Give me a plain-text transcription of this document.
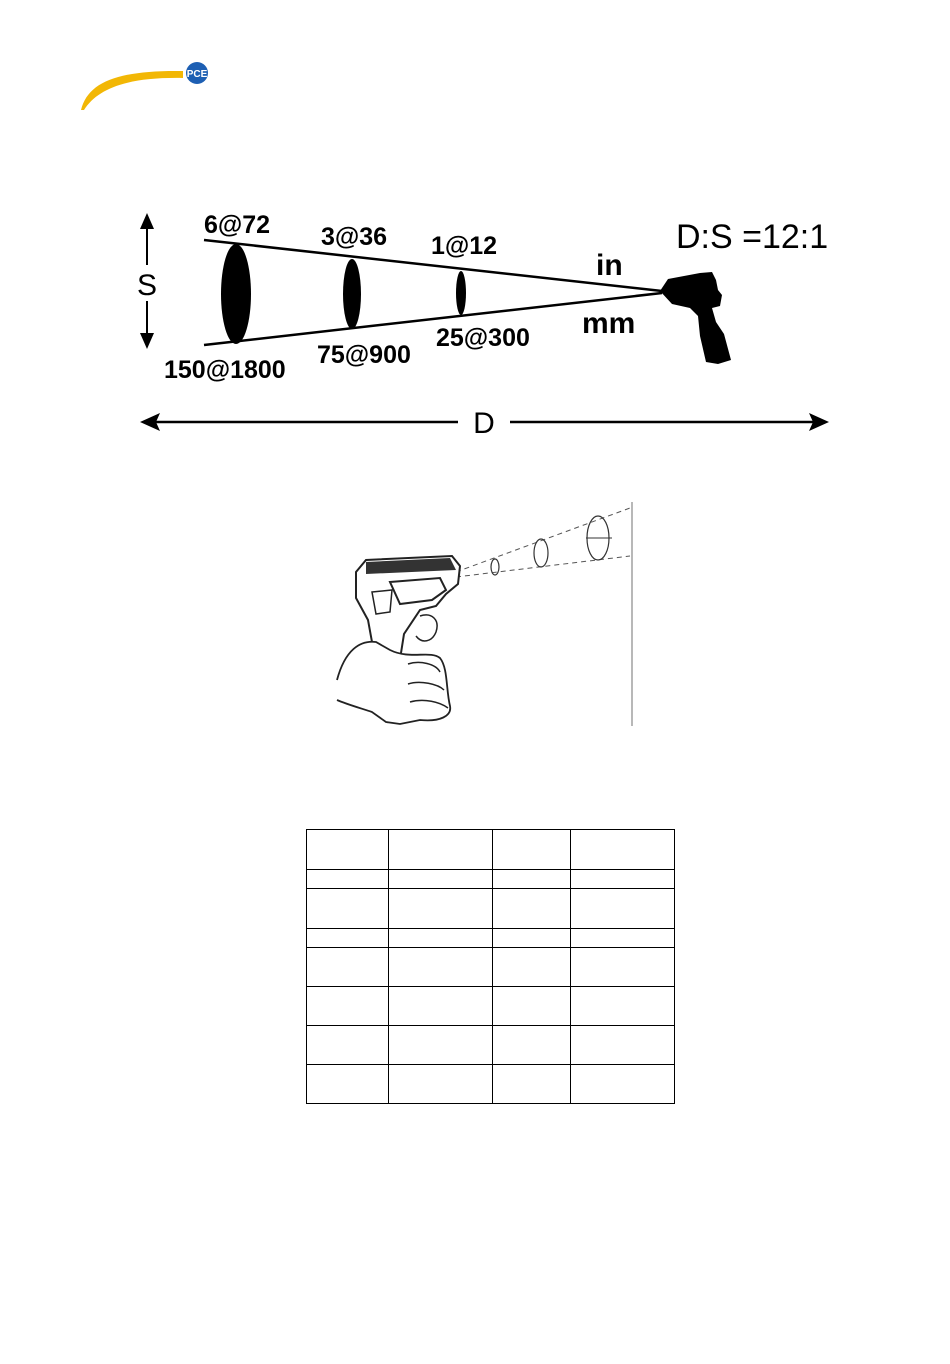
PCE
S
6@72 3@36 1@12
150@1800
75@900
25@300
in
mm
D:S =12:1
D
